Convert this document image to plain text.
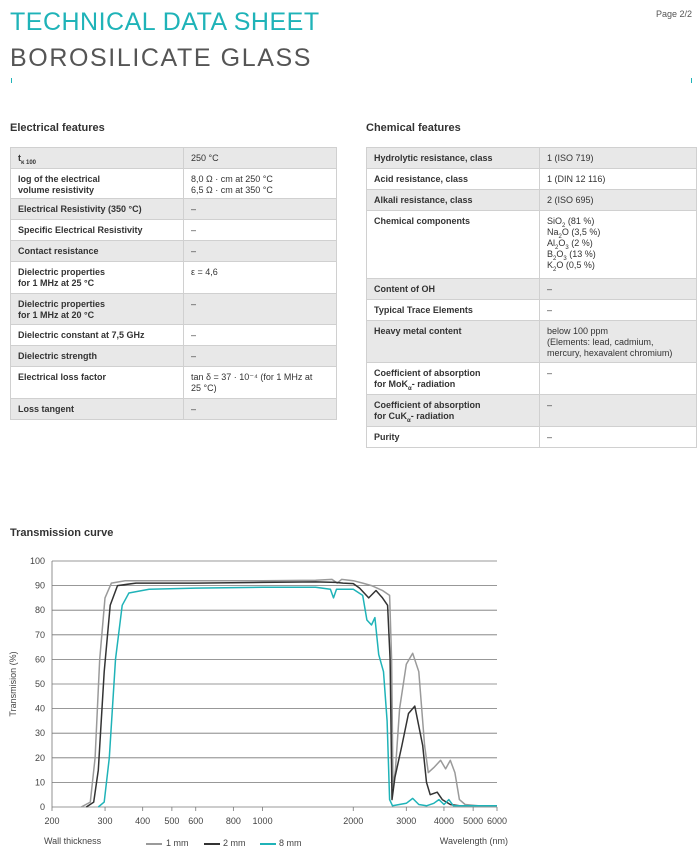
Page 2/2
TECHNICAL DATA SHEET
BOROSILICATE GLASS
Electrical features
$t_{\kappa 100}$	250 °C
log of the electrical
volume resistivity	8,0 Ω · cm at 250 °C
6,5 Ω · cm at 350 °C
Electrical Resistivity (350 °C)	–
Specific Electrical Resistivity	–
Contact resistance	–
Dielectric properties
for 1 MHz at 25 °C	ε = 4,6
Dielectric properties
for 1 MHz at 20 °C	–
Dielectric constant at 7,5 GHz	–
Dielectric strength	–
Electrical loss factor	tan δ = 37 · 10⁻⁴ (for 1 MHz at
25 °C)
Loss tangent	–
Chemical features
Hydrolytic resistance, class	1 (ISO 719)
Acid resistance, class	1 (DIN 12 116)
Alkali resistance, class	2 (ISO 695)
Chemical components	SiO$_2$ (81 %)
$Na_2O$ (3,5 %)
$Al_2O_3$ (2 %)
$B_2O_3$ (13 %)
$K_2O$ (0,5 %)
Content of OH	–
Typical Trace Elements	–
Heavy metal content	below 100 ppm
(Elements: lead, cadmium,
mercury, hexavalent chromium)
Coefficient of absorption
for MoK$_\alpha$- radiation	–
Coefficient of absorption
for CuK$_\alpha$- radiation	–
Purity	–
Transmission curve
0
10
20
30
40
50
60
70
80
90
100
200	300	400 500 600	800 1000	2000	3000 4000 5000 6000
Transmision (%)
Wavelength (nm)
Wall thickness	1 mm	2 mm	8 mm
